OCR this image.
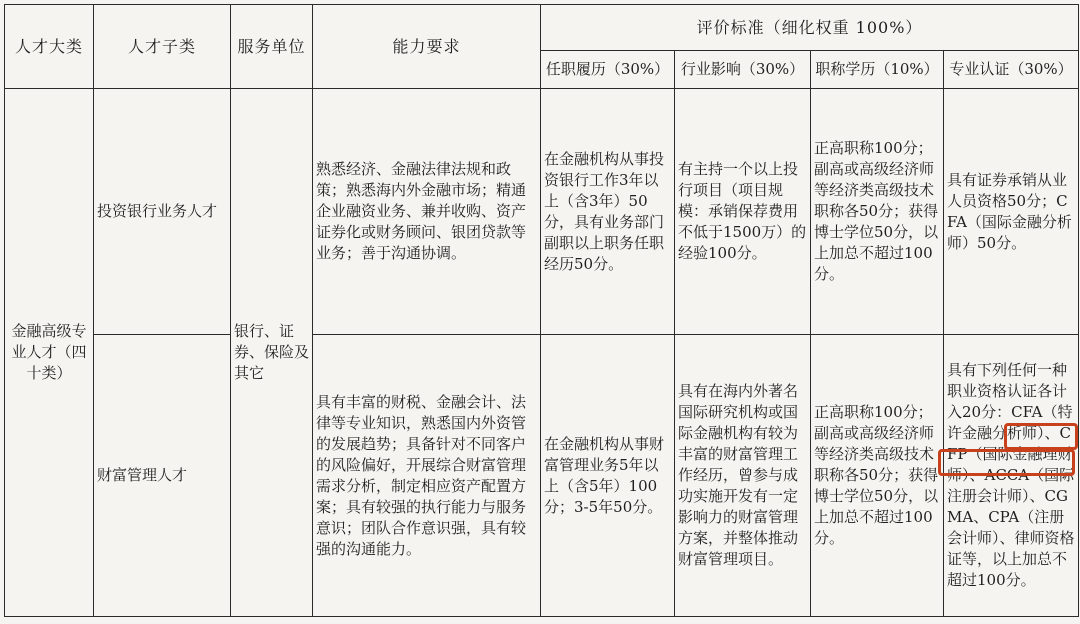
人才大类	人才子类	服务单位	能力要求	评价标准（细化权重 100%）			
				任职履历（30%）	行业影响（30%）	职称学历（10%）	专业认证（30%）

金融高级专业人才（四十类）	投资银行业务人才	银行、证券、保险及其它	熟悉经济、金融法律法规和政策；熟悉海内外金融市场；精通企业融资业务、兼并收购、资产证券化或财务顾问、银团贷款等业务；善于沟通协调。	在金融机构从事投资银行工作3年以上（含3年）50分，具有业务部门副职以上职务任职经历50分。	有主持一个以上投行项目（项目规模：承销保荐费用不低于1500万）的经验100分。	正高职称100分；副高或高级经济师等经济类高级技术职称各50分；获得博士学位50分，以上加总不超过100分。	具有证券承销从业人员资格50分；CFA（国际金融分析师）50分。

	财富管理人才		具有丰富的财税、金融会计、法律等专业知识，熟悉国内外资管的发展趋势；具备针对不同客户的风险偏好，开展综合财富管理需求分析，制定相应资产配置方案；具有较强的执行能力与服务意识；团队合作意识强，具有较强的沟通能力。	在金融机构从事财富管理业务5年以上（含5年）100分；3-5年50分。	具有在海内外著名国际研究机构或国际金融机构有较为丰富的财富管理工作经历，曾参与成功实施开发有一定影响力的财富管理方案，并整体推动财富管理项目。	正高职称100分；副高或高级经济师等经济类高级技术职称各50分；获得博士学位50分，以上加总不超过100分。	具有下列任何一种职业资格认证各计入20分：CFA（特许金融分析师）、CFP（国际金融理财师）、ACCA（国际注册会计师）、CGMA、CPA（注册会计师）、律师资格证等，以上加总不超过100分。
